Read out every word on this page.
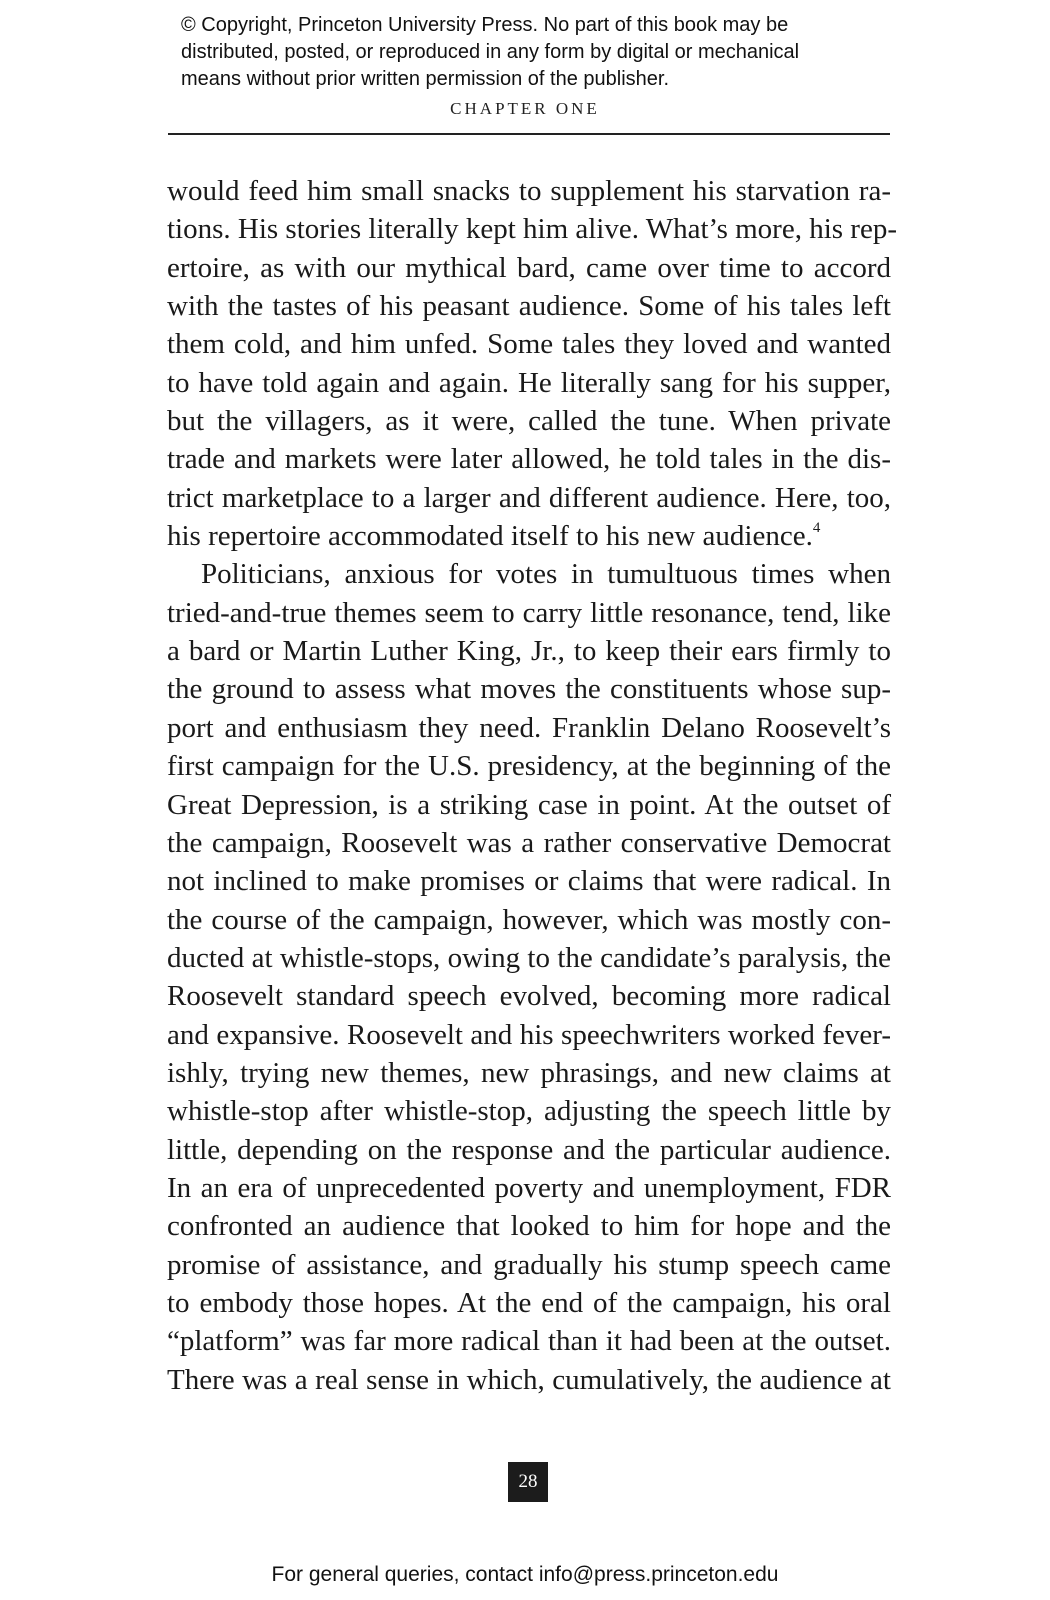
© Copyright, Princeton University Press. No part of this book may be
distributed, posted, or reproduced in any form by digital or mechanical
means without prior written permission of the publisher.
CHAPTER ONE
would feed him small snacks to supplement his starvation ra-
tions. His stories literally kept him alive. What’s more, his rep-
ertoire, as with our mythical bard, came over time to accord
with the tastes of his peasant audience. Some of his tales left
them cold, and him unfed. Some tales they loved and wanted
to have told again and again. He literally sang for his supper,
but the villagers, as it were, called the tune. When private
trade and markets were later allowed, he told tales in the dis-
trict marketplace to a larger and different audience. Here, too,
his repertoire accommodated itself to his new audience.$^4$
Politicians, anxious for votes in tumultuous times when
tried-and-true themes seem to carry little resonance, tend, like
a bard or Martin Luther King, Jr., to keep their ears firmly to
the ground to assess what moves the constituents whose sup-
port and enthusiasm they need. Franklin Delano Roosevelt’s
first campaign for the U.S. presidency, at the beginning of the
Great Depression, is a striking case in point. At the outset of
the campaign, Roosevelt was a rather conservative Democrat
not inclined to make promises or claims that were radical. In
the course of the campaign, however, which was mostly con-
ducted at whistle-stops, owing to the candidate’s paralysis, the
Roosevelt standard speech evolved, becoming more radical
and expansive. Roosevelt and his speechwriters worked fever-
ishly, trying new themes, new phrasings, and new claims at
whistle-stop after whistle-stop, adjusting the speech little by
little, depending on the response and the particular audience.
In an era of unprecedented poverty and unemployment, FDR
confronted an audience that looked to him for hope and the
promise of assistance, and gradually his stump speech came
to embody those hopes. At the end of the campaign, his oral
“platform” was far more radical than it had been at the outset.
There was a real sense in which, cumulatively, the audience at
28
For general queries, contact info@press.princeton.edu
